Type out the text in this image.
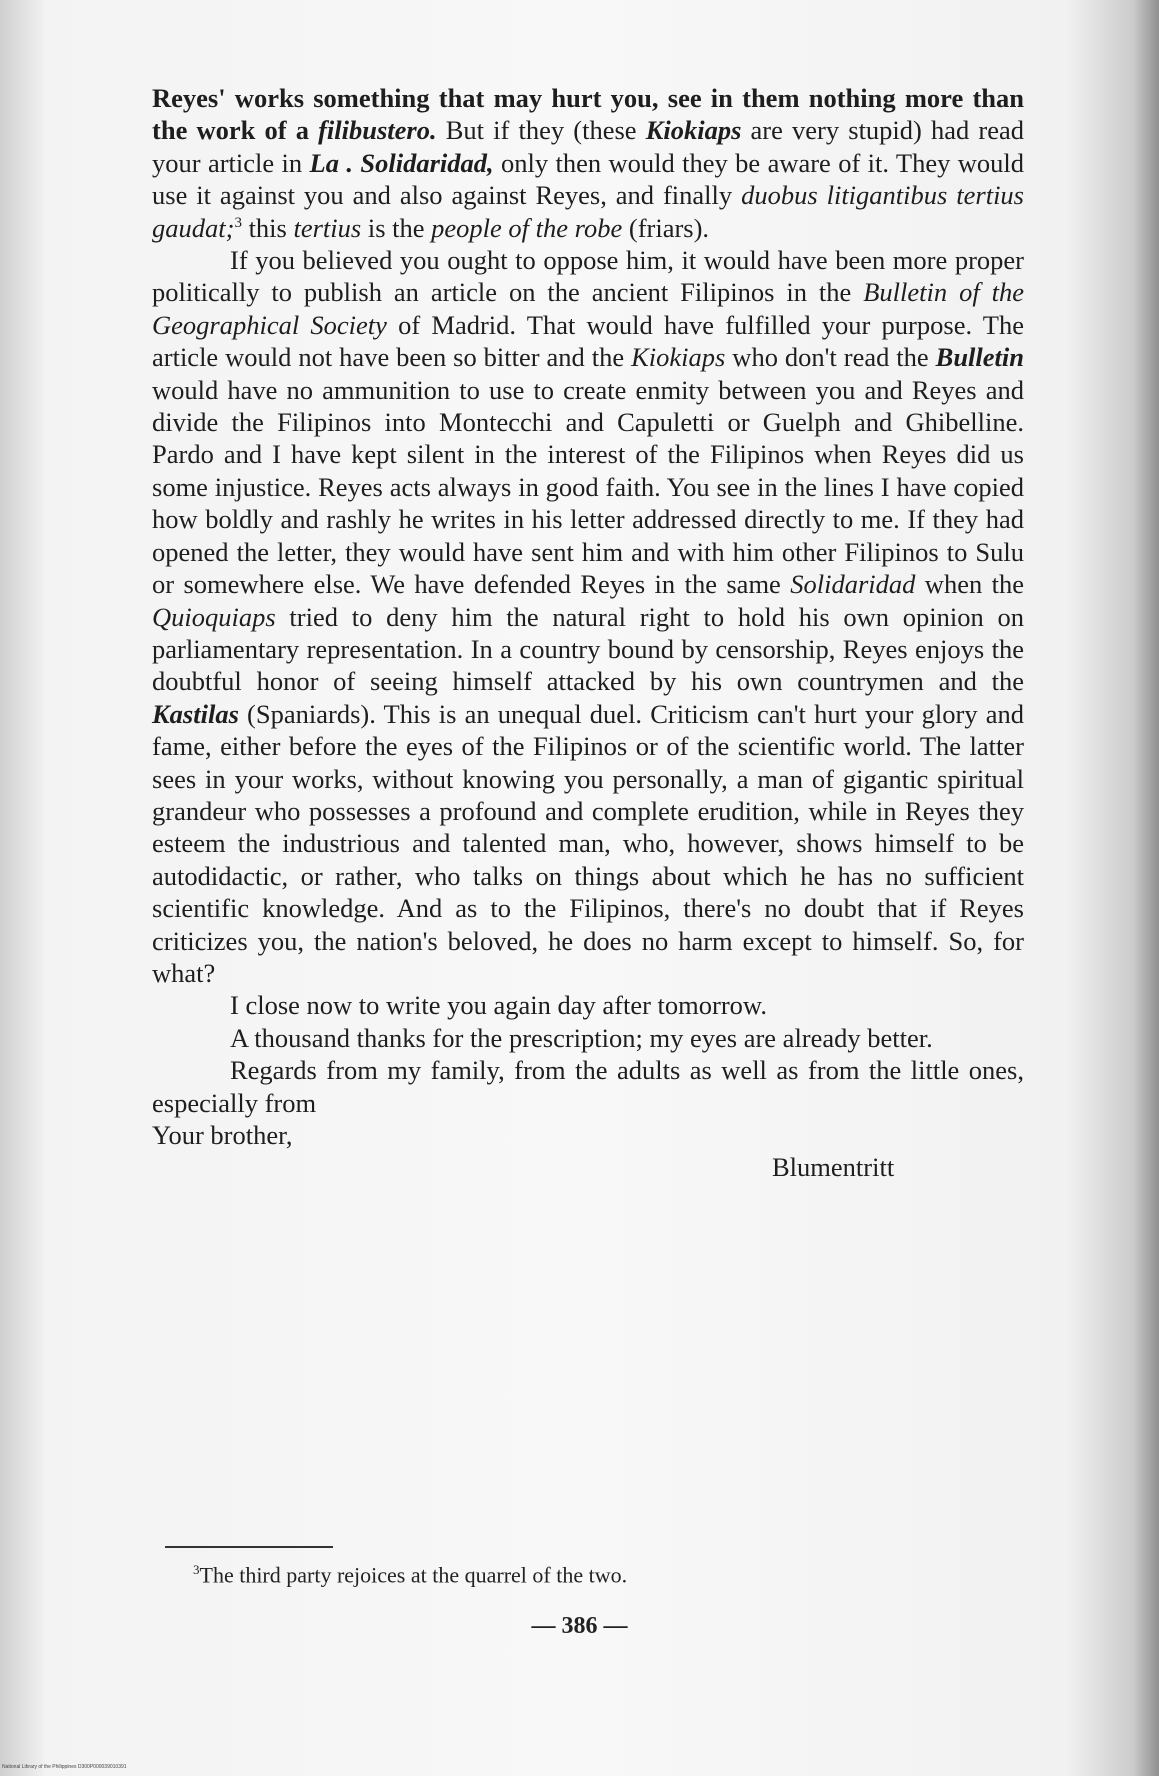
Reyes' works something that may hurt you, see in them nothing more than the work of a filibustero. But if they (these Kiokiaps are very stupid) had read your article in La . Solidaridad, only then would they be aware of it. They would use it against you and also against Reyes, and finally duobus litigantibus tertius gaudat;$^3$ this tertius is the people of the robe (friars).

If you believed you ought to oppose him, it would have been more proper politically to publish an article on the ancient Filipinos in the Bulletin of the Geographical Society of Madrid. That would have fulfilled your purpose. The article would not have been so bitter and the Kiokiaps who don't read the Bulletin would have no ammunition to use to create enmity between you and Reyes and divide the Filipinos into Montecchi and Capuletti or Guelph and Ghibelline. Pardo and I have kept silent in the interest of the Filipinos when Reyes did us some injustice. Reyes acts always in good faith. You see in the lines I have copied how boldly and rashly he writes in his letter addressed directly to me. If they had opened the letter, they would have sent him and with him other Filipinos to Sulu or somewhere else. We have defended Reyes in the same Solidaridad when the Quioquiaps tried to deny him the natural right to hold his own opinion on parliamentary representation. In a country bound by censorship, Reyes enjoys the doubtful honor of seeing himself attacked by his own countrymen and the Kastilas (Spaniards). This is an unequal duel. Criticism can't hurt your glory and fame, either before the eyes of the Filipinos or of the scientific world. The latter sees in your works, without knowing you personally, a man of gigantic spiritual grandeur who possesses a profound and complete erudition, while in Reyes they esteem the industrious and talented man, who, however, shows himself to be autodidactic, or rather, who talks on things about which he has no sufficient scientific knowledge. And as to the Filipinos, there's no doubt that if Reyes criticizes you, the nation's beloved, he does no harm except to himself. So, for what?

I close now to write you again day after tomorrow.

A thousand thanks for the prescription; my eyes are already better.

Regards from my family, from the adults as well as from the little ones, especially from

Your brother,

Blumentritt

$^3$The third party rejoices at the quarrel of the two.
— 386 —
National Library of the Philippines D300P000039010391
